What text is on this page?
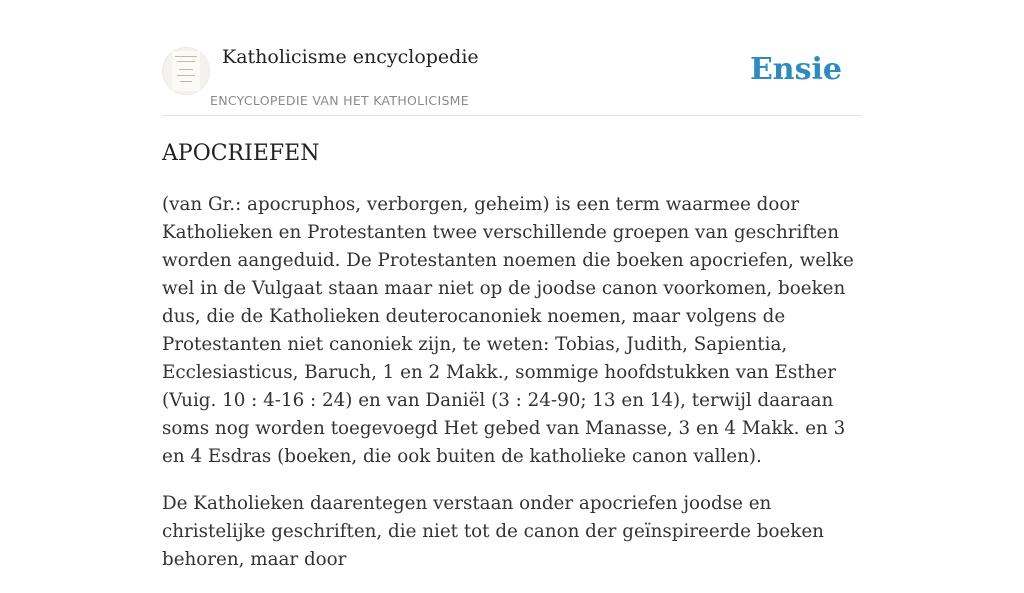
Katholicisme encyclopedie
ENCYCLOPEDIE VAN HET KATHOLICISME
Ensie
APOCRIEFEN

(van Gr.: apocruphos, verborgen, geheim) is een term waarmee door Katholieken en Protestanten twee verschillende groepen van geschriften worden aangeduid. De Protestanten noemen die boeken apocriefen, welke wel in de Vulgaat staan maar niet op de joodse canon voorkomen, boeken dus, die de Katholieken deuterocanoniek noemen, maar volgens de Protestanten niet canoniek zijn, te weten: Tobias, Judith, Sapientia, Ecclesiasticus, Baruch, 1 en 2 Makk., sommige hoofdstukken van Esther (Vuig. 10 : 4-16 : 24) en van Daniël (3 : 24-90; 13 en 14), terwijl daaraan soms nog worden toegevoegd Het gebed van Manasse, 3 en 4 Makk. en 3 en 4 Esdras (boeken, die ook buiten de katholieke canon vallen).

De Katholieken daarentegen verstaan onder apocriefen joodse en christelijke geschriften, die niet tot de canon der geïnspireerde boeken behoren, maar door
